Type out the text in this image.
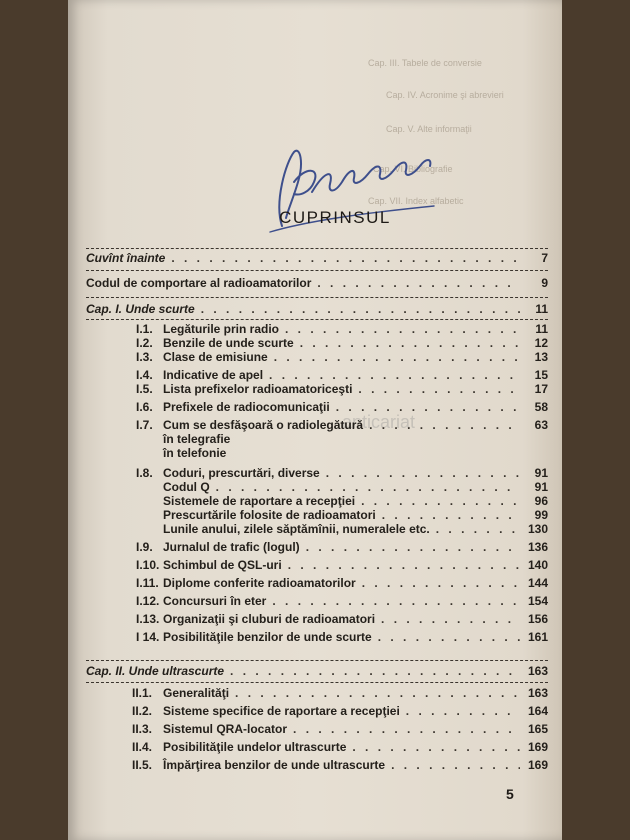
Cap. III. Tabele de conversie
Cap. IV. Acronime şi abrevieri
Cap. V. Alte informaţii
Cap. VI. Bibliografie
Cap. VII. Index alfabetic
CUPRINSUL
anticariat
Cuvînt înainte . . .	7
Codul de comportare al radioamatorilor . . .	9
Cap. I. Unde scurte . . .	11
I.1. Legăturile prin radio . . .	11
I.2. Benzile de unde scurte . . .	12
I.3. Clase de emisiune . . .	13
I.4. Indicative de apel . . .	15
I.5. Lista prefixelor radioamatoriceşti . . .	17
I.6. Prefixele de radiocomunicaţii . . .	58
I.7. Cum se desfăşoară o radiolegătură . . .	63
în telegrafie
în telefonie
I.8. Coduri, prescurtări, diverse . . .	91
Codul Q . . .	91
Sistemele de raportare a recepţiei . . .	96
Prescurtările folosite de radioamatori . . .	99
Lunile anului, zilele săptămînii, numeralele etc. . . .	130
I.9. Jurnalul de trafic (logul) . . .	136
I.10. Schimbul de QSL-uri . . .	140
I.11. Diplome conferite radioamatorilor . . .	144
I.12. Concursuri în eter . . .	154
I.13. Organizaţii şi cluburi de radioamatori . . .	156
I 14. Posibilităţile benzilor de unde scurte . . .	161
Cap. II. Unde ultrascurte . . .	163
II.1. Generalităţi . . .	163
II.2. Sisteme specifice de raportare a recepţiei . . .	164
II.3. Sistemul QRA-locator . . .	165
II.4. Posibilităţile undelor ultrascurte . . .	169
II.5. Împărţirea benzilor de unde ultrascurte . . .	169
5
